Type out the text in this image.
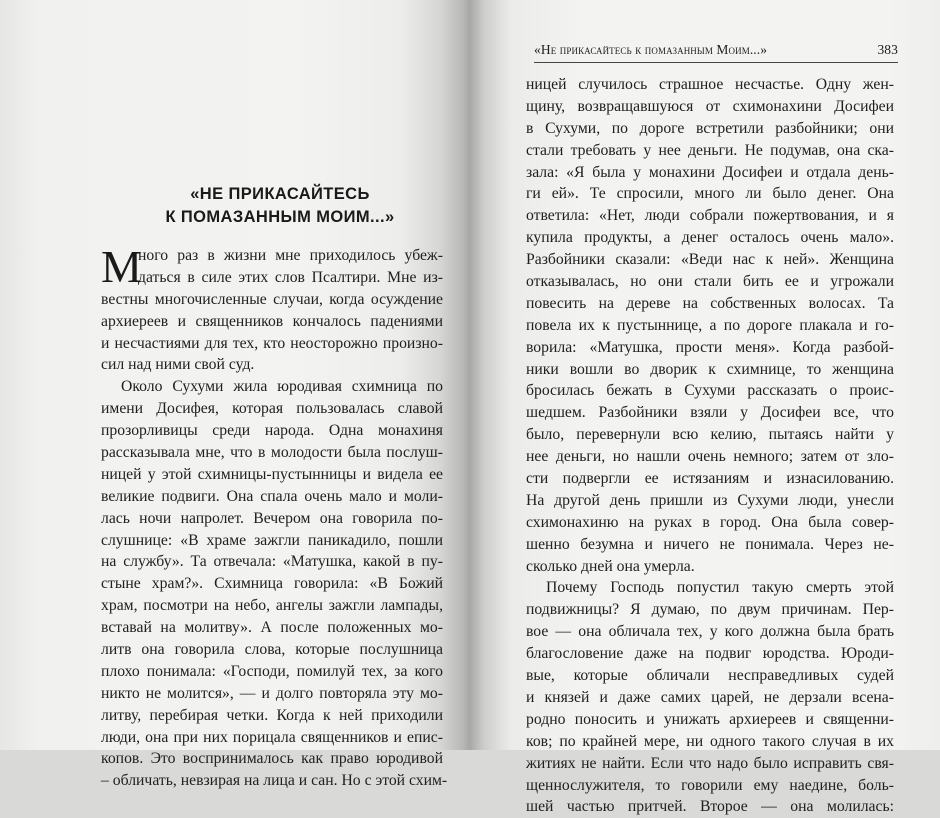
«НЕ ПРИКАСАЙТЕСЬ
К ПОМАЗАННЫМ МОИМ...»
М
ного раз в жизни мне приходилось убеж-
даться в силе этих слов Псалтири. Мне из-
вестны многочисленные случаи, когда осуждение
архиереев и священников кончалось падениями
и несчастиями для тех, кто неосторожно произно-
сил над ними свой суд.
Около Сухуми жила юродивая схимница по
имени Досифея, которая пользовалась славой
прозорливицы среди народа. Одна монахиня
рассказывала мне, что в молодости была послуш-
ницей у этой схимницы-пустынницы и видела ее
великие подвиги. Она спала очень мало и моли-
лась ночи напролет. Вечером она говорила по-
слушнице: «В храме зажгли паникадило, пошли
на службу». Та отвечала: «Матушка, какой в пу-
стыне храм?». Схимница говорила: «В Божий
храм, посмотри на небо, ангелы зажгли лампады,
вставай на молитву». А после положенных мо-
литв она говорила слова, которые послушница
плохо понимала: «Господи, помилуй тех, за кого
никто не молится», — и долго повторяла эту мо-
литву, перебирая четки. Когда к ней приходили
люди, она при них порицала священников и епис-
копов. Это воспринималось как право юродивой
– обличать, невзирая на лица и сан. Но с этой схим-
«Не прикасайтесь к помазанным Моим...»	383
ницей случилось страшное несчастье. Одну жен-
щину, возвращавшуюся от схимонахини Досифеи
в Сухуми, по дороге встретили разбойники; они
стали требовать у нее деньги. Не подумав, она ска-
зала: «Я была у монахини Досифеи и отдала день-
ги ей». Те спросили, много ли было денег. Она
ответила: «Нет, люди собрали пожертвования, и я
купила продукты, а денег осталось очень мало».
Разбойники сказали: «Веди нас к ней». Женщина
отказывалась, но они стали бить ее и угрожали
повесить на дереве на собственных волосах. Та
повела их к пустыннице, а по дороге плакала и го-
ворила: «Матушка, прости меня». Когда разбой-
ники вошли во дворик к схимнице, то женщина
бросилась бежать в Сухуми рассказать о проис-
шедшем. Разбойники взяли у Досифеи все, что
было, перевернули всю келию, пытаясь найти у
нее деньги, но нашли очень немного; затем от зло-
сти подвергли ее истязаниям и изнасилованию.
На другой день пришли из Сухуми люди, унесли
схимонахиню на руках в город. Она была совер-
шенно безумна и ничего не понимала. Через не-
сколько дней она умерла.
Почему Господь попустил такую смерть этой
подвижницы? Я думаю, по двум причинам. Пер-
вое — она обличала тех, у кого должна была брать
благословение даже на подвиг юродства. Юроди-
вые, которые обличали несправедливых судей
и князей и даже самих царей, не дерзали всена-
родно поносить и унижать архиереев и священни-
ков; по крайней мере, ни одного такого случая в их
житиях не найти. Если что надо было исправить свя-
щеннослужителя, то говорили ему наедине, боль-
шей частью притчей. Второе — она молилась:
